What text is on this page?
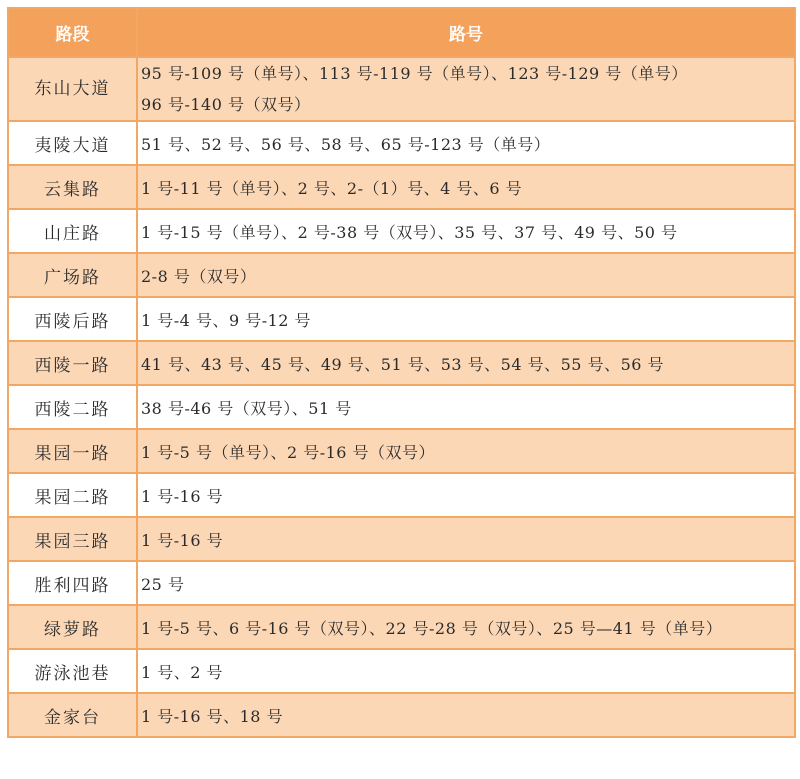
路段	路号
东山大道	95 号-109 号（单号）、113 号-119 号（单号）、123 号-129 号（单号）
96 号-140 号（双号）

夷陵大道	51 号、52 号、56 号、58 号、65 号-123 号（单号）
云集路	1 号-11 号（单号）、2 号、2-（1）号、4 号、6 号
山庄路	1 号-15 号（单号）、2 号-38 号（双号）、35 号、37 号、49 号、50 号
广场路	2-8 号（双号）
西陵后路	1 号-4 号、9 号-12 号
西陵一路	41 号、43 号、45 号、49 号、51 号、53 号、54 号、55 号、56 号
西陵二路	38 号-46 号（双号）、51 号
果园一路	1 号-5 号（单号）、2 号-16 号（双号）
果园二路	1 号-16 号
果园三路	1 号-16 号
胜利四路	25 号
绿萝路	1 号-5 号、6 号-16 号（双号）、22 号-28 号（双号）、25 号—41 号（单号）
游泳池巷	1 号、2 号
金家台	1 号-16 号、18 号
